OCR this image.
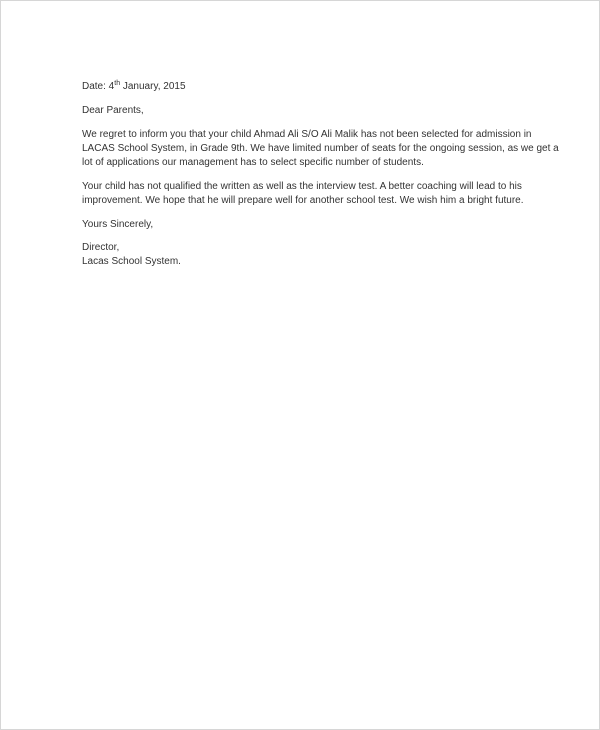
Date: 4th January, 2015
Dear Parents,
We regret to inform you that your child Ahmad Ali S/O Ali Malik has not been selected for admission in
LACAS School System, in Grade 9th. We have limited number of seats for the ongoing session, as we get a
lot of applications our management has to select specific number of students.
Your child has not qualified the written as well as the interview test. A better coaching will lead to his
improvement. We hope that he will prepare well for another school test. We wish him a bright future.
Yours Sincerely,
Director,
Lacas School System.
